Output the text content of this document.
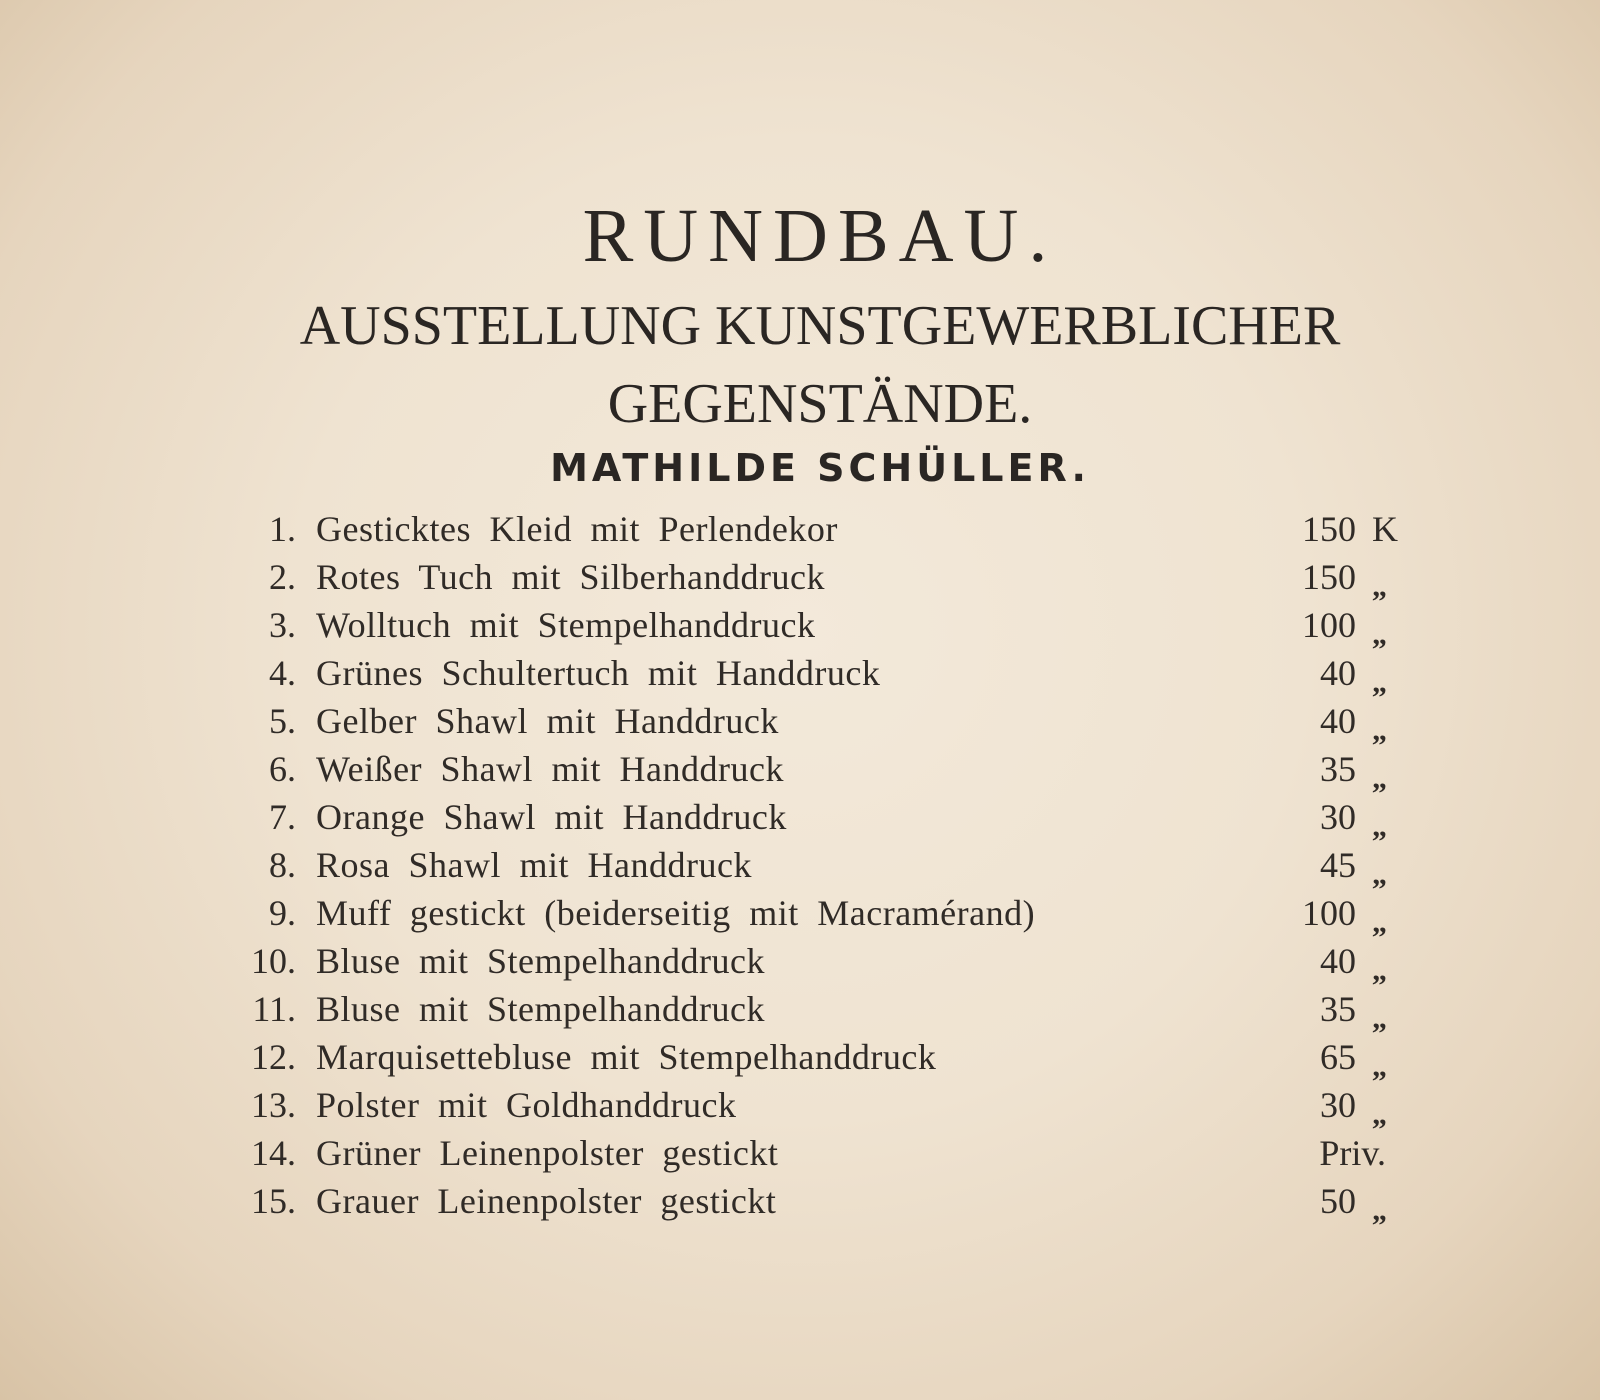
RUNDBAU.
AUSSTELLUNG KUNSTGEWERBLICHER
GEGENSTÄNDE.
MATHILDE SCHÜLLER.
1. Gesticktes Kleid mit Perlendekor	150 K
2. Rotes Tuch mit Silberhanddruck	150 „
3. Wolltuch mit Stempelhanddruck	100 „
4. Grünes Schultertuch mit Handdruck	40 „
5. Gelber Shawl mit Handdruck	40 „
6. Weißer Shawl mit Handdruck	35 „
7. Orange Shawl mit Handdruck	30 „
8. Rosa Shawl mit Handdruck	45 „
9. Muff gestickt (beiderseitig mit Macramérand)	100 „
10. Bluse mit Stempelhanddruck	40 „
11. Bluse mit Stempelhanddruck	35 „
12. Marquisettebluse mit Stempelhanddruck	65 „
13. Polster mit Goldhanddruck	30 „
14. Grüner Leinenpolster gestickt	Priv.
15. Grauer Leinenpolster gestickt	50 „
